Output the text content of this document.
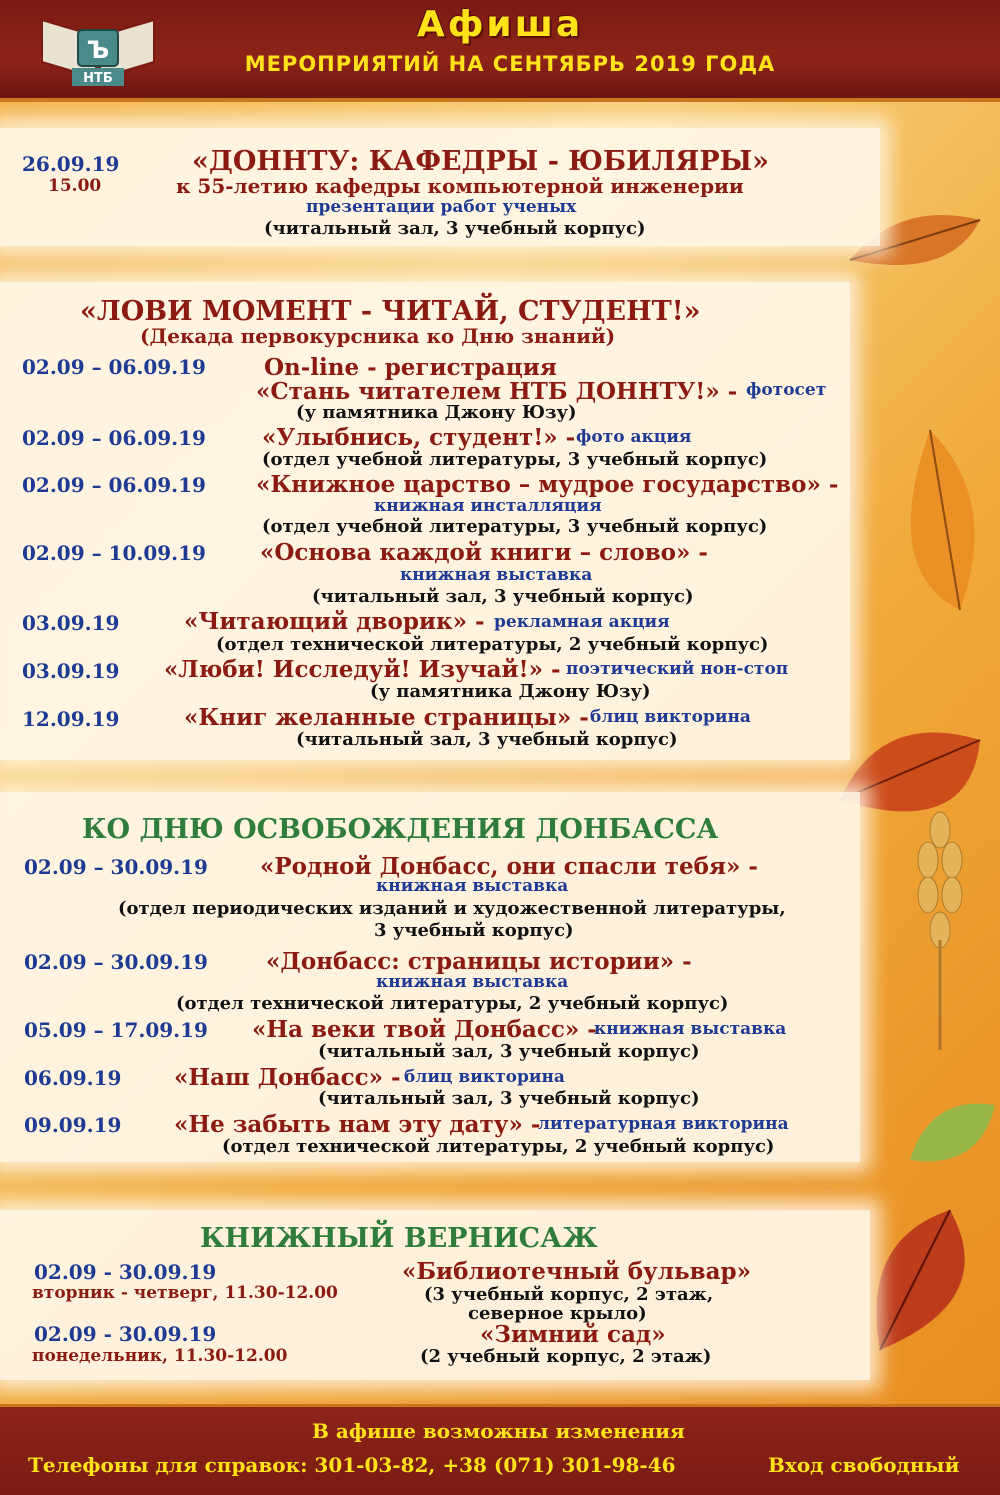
Ъ
НТБ
Афиша
МЕРОПРИЯТИЙ НА СЕНТЯБРЬ 2019 ГОДА
26.09.19
15.00
«ДОННТУ: КАФЕДРЫ - ЮБИЛЯРЫ»
к 55-летию кафедры компьютерной инженерии
презентации работ ученых
(читальный зал, 3 учебный корпус)
«ЛОВИ МОМЕНТ - ЧИТАЙ, СТУДЕНТ!»
(Декада первокурсника ко Дню знаний)
02.09 – 06.09.19	On-line - регистрация
«Стань читателем НТБ ДОННТУ!» - фотосет
(у памятника Джону Юзу)
02.09 – 06.09.19 «Улыбнись, студент!» - фото акция
(отдел учебной литературы, 3 учебный корпус)
02.09 – 06.09.19 «Книжное царство – мудрое государство» -
книжная инсталляция
(отдел учебной литературы, 3 учебный корпус)
02.09 – 10.09.19 «Основа каждой книги – слово» -
книжная выставка
(читальный зал, 3 учебный корпус)
03.09.19	«Читающий дворик» - рекламная акция
(отдел технической литературы, 2 учебный корпус)
03.09.19 «Люби! Исследуй! Изучай!» - поэтический нон-стоп
(у памятника Джону Юзу)
12.09.19	«Книг желанные страницы» - блиц викторина
(читальный зал, 3 учебный корпус)
КО ДНЮ ОСВОБОЖДЕНИЯ ДОНБАССА
02.09 – 30.09.19 «Родной Донбасс, они спасли тебя» -
книжная выставка
(отдел периодических изданий и художественной литературы,
3 учебный корпус)
02.09 – 30.09.19	«Донбасс: страницы истории» -
книжная выставка
(отдел технической литературы, 2 учебный корпус)
05.09 – 17.09.19 «На веки твой Донбасс» -
книжная выставка
(читальный зал, 3 учебный корпус)
06.09.19 «Наш Донбасс» - блиц викторина
(читальный зал, 3 учебный корпус)
09.09.19 «Не забыть нам эту дату» -
литературная викторина
(отдел технической литературы, 2 учебный корпус)
КНИЖНЫЙ ВЕРНИСАЖ
02.09 - 30.09.19
вторник - четверг, 11.30-12.00
«Библиотечный бульвар»
(3 учебный корпус, 2 этаж,
северное крыло)
02.09 - 30.09.19
понедельник, 11.30-12.00
«Зимний сад»
(2 учебный корпус, 2 этаж)
В афише возможны изменения
Телефоны для справок: 301-03-82, +38 (071) 301-98-46	Вход свободный
